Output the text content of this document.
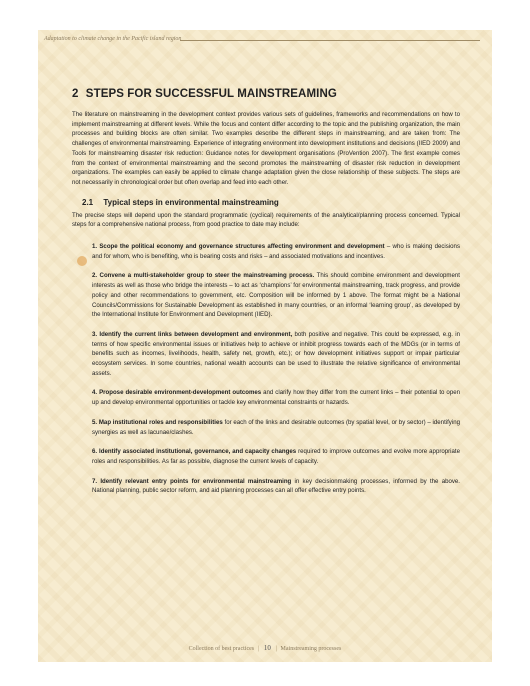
Adaptation to climate change in the Pacific island region
2 STEPS FOR SUCCESSFUL MAINSTREAMING

The literature on mainstreaming in the development context provides various sets of guidelines, frameworks and recommendations on how to implement mainstreaming at different levels. While the focus and content differ according to the topic and the publishing organization, the main processes and building blocks are often similar. Two examples describe the different steps in mainstreaming, and are taken from: The challenges of environmental mainstreaming. Experience of integrating environment into development institutions and decisions (IIED 2009) and Tools for mainstreaming disaster risk reduction: Guidance notes for development organisations (ProVention 2007). The first example comes from the context of environmental mainstreaming and the second promotes the mainstreaming of disaster risk reduction in development organizations. The examples can easily be applied to climate change adaptation given the close relationship of these subjects. The steps are not necessarily in chronological order but often overlap and feed into each other.

2.1 Typical steps in environmental mainstreaming

The precise steps will depend upon the standard programmatic (cyclical) requirements of the analytical/planning process concerned. Typical steps for a comprehensive national process, from good practice to date may include:

1. Scope the political economy and governance structures affecting environment and development – who is making decisions and for whom, who is benefiting, who is bearing costs and risks – and associated motivations and incentives.

2. Convene a multi-stakeholder group to steer the mainstreaming process. This should combine environment and development interests as well as those who bridge the interests – to act as ‘champions’ for environmental mainstreaming, track progress, and provide policy and other recommendations to government, etc. Composition will be informed by 1 above. The format might be a National Councils/Commissions for Sustainable Development as established in many countries, or an informal ‘learning group’, as developed by the International Institute for Environment and Development (IIED).

3. Identify the current links between development and environment, both positive and negative. This could be expressed, e.g. in terms of how specific environmental issues or initiatives help to achieve or inhibit progress towards each of the MDGs (or in terms of benefits such as incomes, livelihoods, health, safety net, growth, etc.); or how development initiatives support or impair particular ecosystem services. In some countries, national wealth accounts can be used to illustrate the relative significance of environmental assets.

4. Propose desirable environment-development outcomes and clarify how they differ from the current links – their potential to open up and develop environmental opportunities or tackle key environmental constraints or hazards.

5. Map institutional roles and responsibilities for each of the links and desirable outcomes (by spatial level, or by sector) – identifying synergies as well as lacunae/clashes.

6. Identify associated institutional, governance, and capacity changes required to improve outcomes and evolve more appropriate roles and responsibilities. As far as possible, diagnose the current levels of capacity.

7. Identify relevant entry points for environmental mainstreaming in key decisionmaking processes, informed by the above. National planning, public sector reform, and aid planning processes can all offer effective entry points.

Collection of best practices | 10 | Mainstreaming processes
